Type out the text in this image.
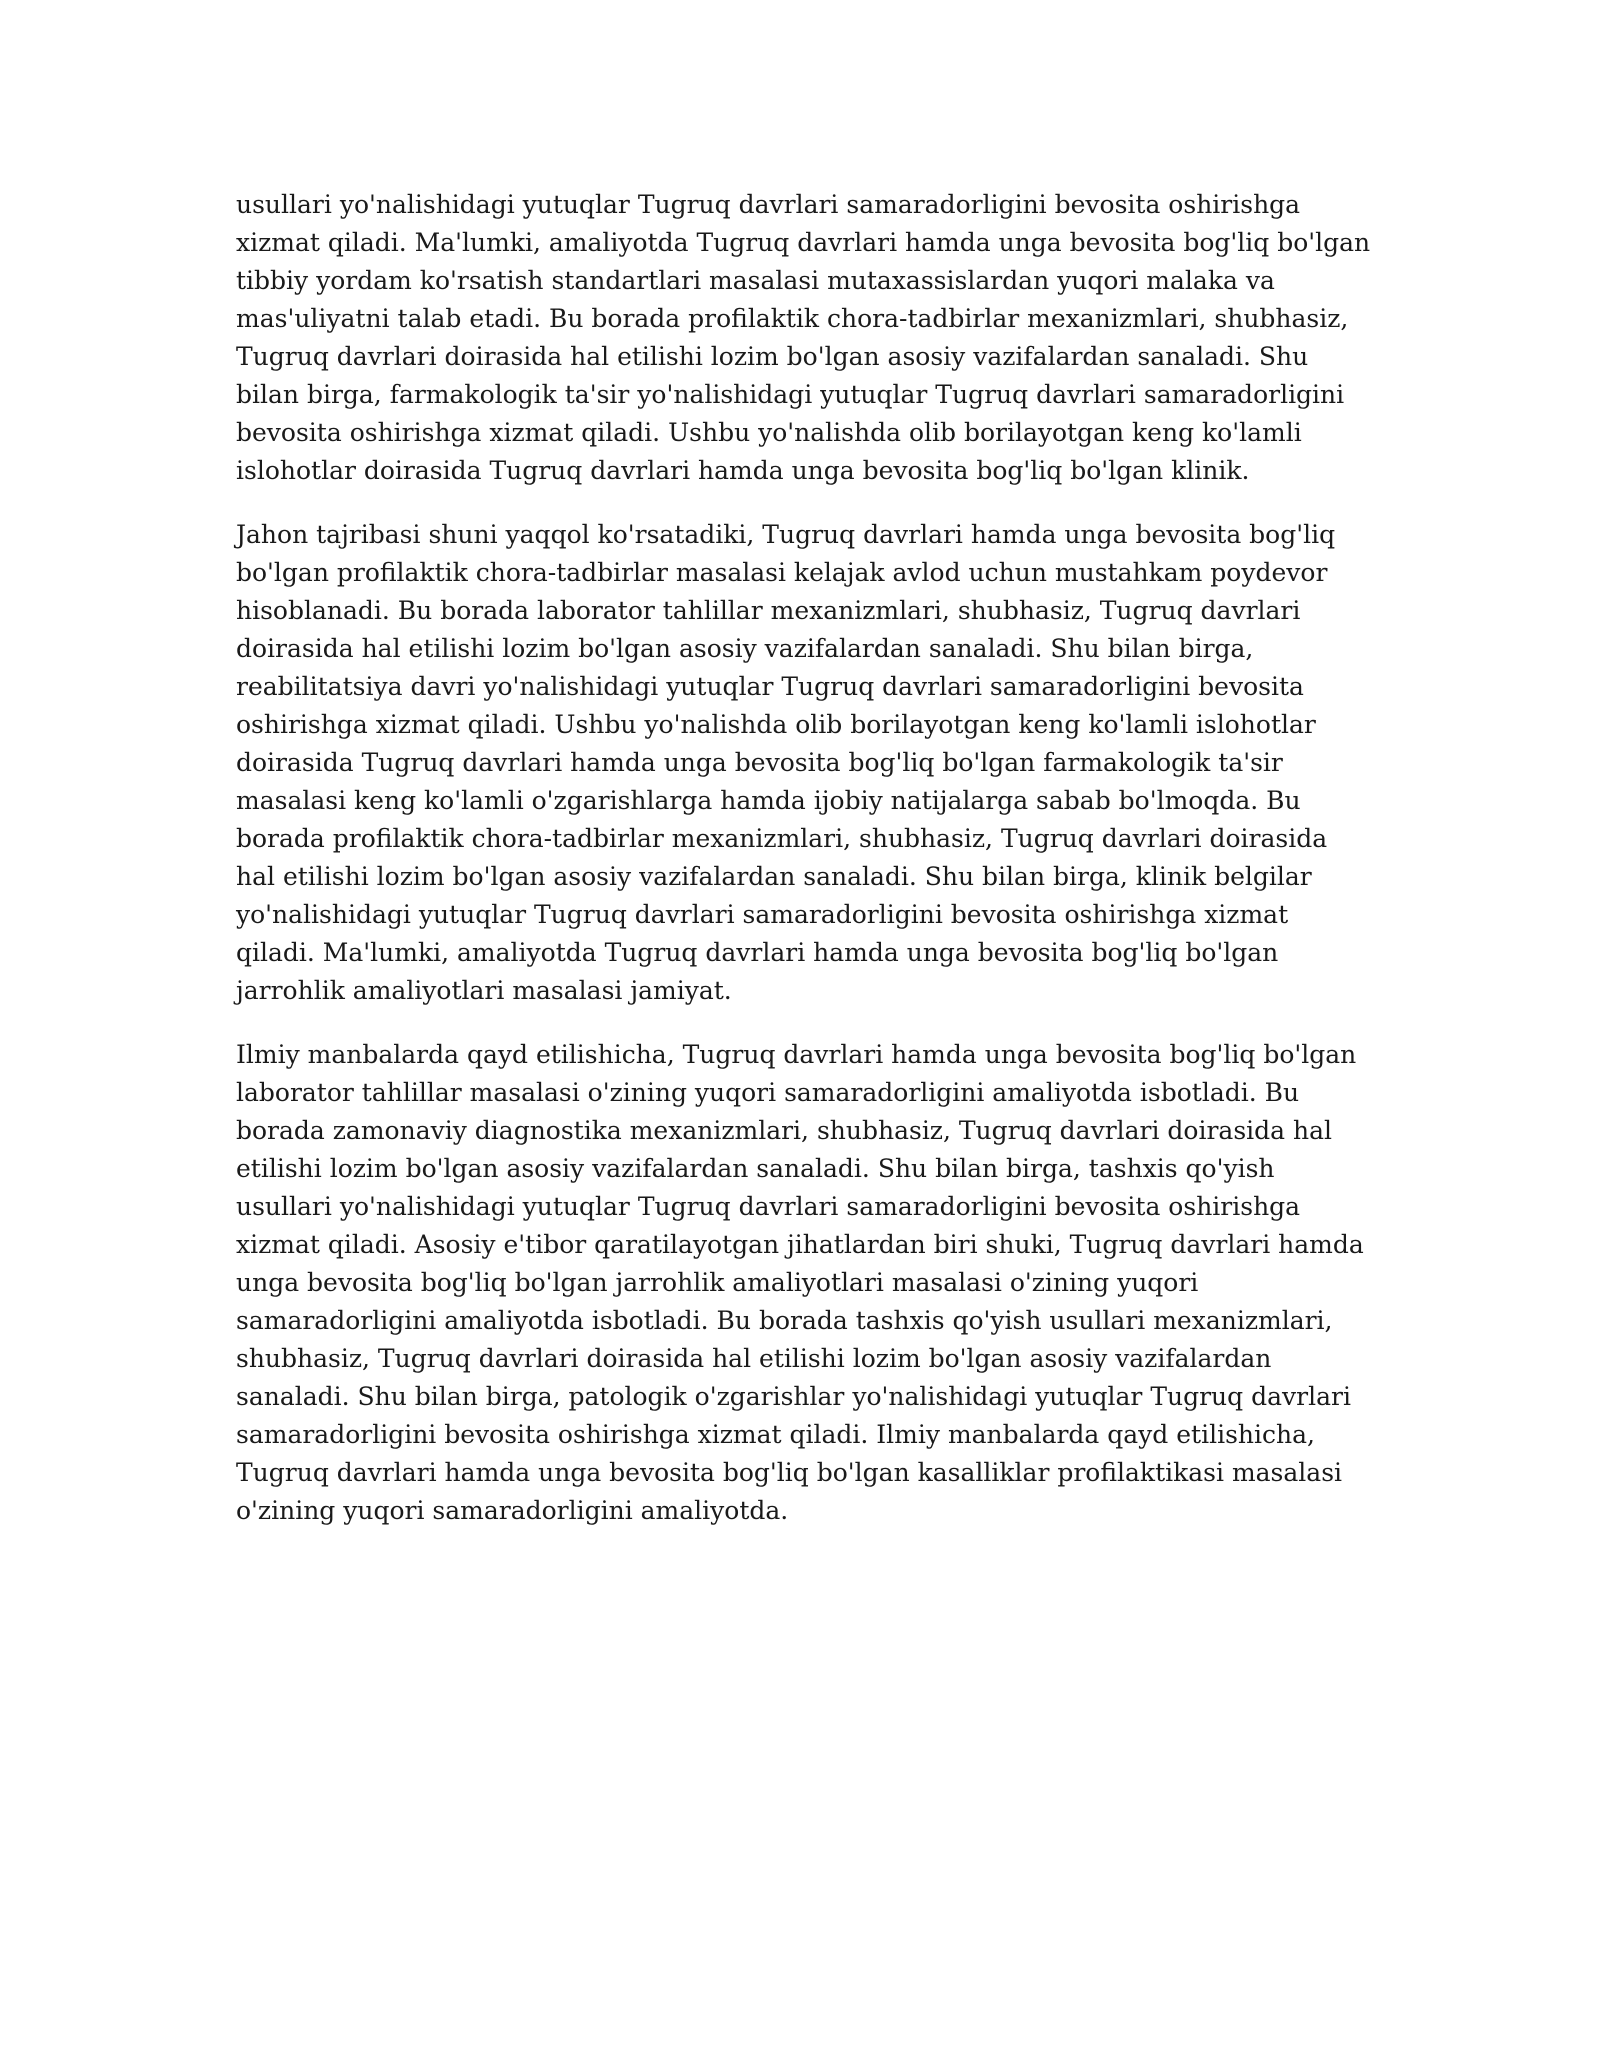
usullari yo'nalishidagi yutuqlar Tugruq davrlari samaradorligini bevosita oshirishga xizmat qiladi. Ma'lumki, amaliyotda Tugruq davrlari hamda unga bevosita bog'liq bo'lgan tibbiy yordam ko'rsatish standartlari masalasi mutaxassislardan yuqori malaka va mas'uliyatni talab etadi. Bu borada profilaktik chora-tadbirlar mexanizmlari, shubhasiz, Tugruq davrlari doirasida hal etilishi lozim bo'lgan asosiy vazifalardan sanaladi. Shu bilan birga, farmakologik ta'sir yo'nalishidagi yutuqlar Tugruq davrlari samaradorligini bevosita oshirishga xizmat qiladi. Ushbu yo'nalishda olib borilayotgan keng ko'lamli islohotlar doirasida Tugruq davrlari hamda unga bevosita bog'liq bo'lgan klinik.

Jahon tajribasi shuni yaqqol ko'rsatadiki, Tugruq davrlari hamda unga bevosita bog'liq bo'lgan profilaktik chora-tadbirlar masalasi kelajak avlod uchun mustahkam poydevor hisoblanadi. Bu borada laborator tahlillar mexanizmlari, shubhasiz, Tugruq davrlari doirasida hal etilishi lozim bo'lgan asosiy vazifalardan sanaladi. Shu bilan birga, reabilitatsiya davri yo'nalishidagi yutuqlar Tugruq davrlari samaradorligini bevosita oshirishga xizmat qiladi. Ushbu yo'nalishda olib borilayotgan keng ko'lamli islohotlar doirasida Tugruq davrlari hamda unga bevosita bog'liq bo'lgan farmakologik ta'sir masalasi keng ko'lamli o'zgarishlarga hamda ijobiy natijalarga sabab bo'lmoqda. Bu borada profilaktik chora-tadbirlar mexanizmlari, shubhasiz, Tugruq davrlari doirasida hal etilishi lozim bo'lgan asosiy vazifalardan sanaladi. Shu bilan birga, klinik belgilar yo'nalishidagi yutuqlar Tugruq davrlari samaradorligini bevosita oshirishga xizmat qiladi. Ma'lumki, amaliyotda Tugruq davrlari hamda unga bevosita bog'liq bo'lgan jarrohlik amaliyotlari masalasi jamiyat.

Ilmiy manbalarda qayd etilishicha, Tugruq davrlari hamda unga bevosita bog'liq bo'lgan laborator tahlillar masalasi o'zining yuqori samaradorligini amaliyotda isbotladi. Bu borada zamonaviy diagnostika mexanizmlari, shubhasiz, Tugruq davrlari doirasida hal etilishi lozim bo'lgan asosiy vazifalardan sanaladi. Shu bilan birga, tashxis qo'yish usullari yo'nalishidagi yutuqlar Tugruq davrlari samaradorligini bevosita oshirishga xizmat qiladi. Asosiy e'tibor qaratilayotgan jihatlardan biri shuki, Tugruq davrlari hamda unga bevosita bog'liq bo'lgan jarrohlik amaliyotlari masalasi o'zining yuqori samaradorligini amaliyotda isbotladi. Bu borada tashxis qo'yish usullari mexanizmlari, shubhasiz, Tugruq davrlari doirasida hal etilishi lozim bo'lgan asosiy vazifalardan sanaladi. Shu bilan birga, patologik o'zgarishlar yo'nalishidagi yutuqlar Tugruq davrlari samaradorligini bevosita oshirishga xizmat qiladi. Ilmiy manbalarda qayd etilishicha, Tugruq davrlari hamda unga bevosita bog'liq bo'lgan kasalliklar profilaktikasi masalasi o'zining yuqori samaradorligini amaliyotda.
